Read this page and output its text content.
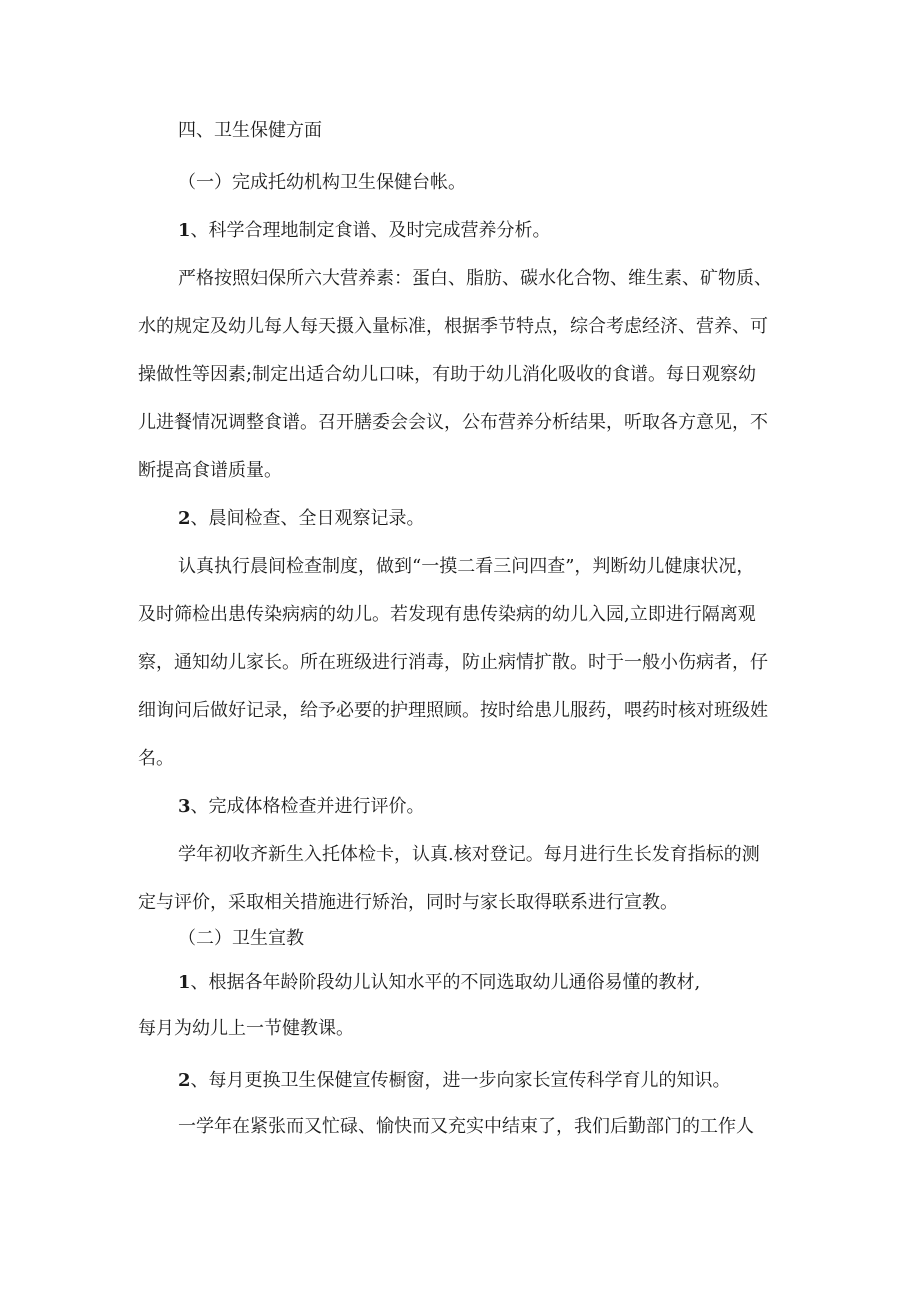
四、卫生保健方面
（一）完成托幼机构卫生保健台帐。
1、科学合理地制定食谱、及时完成营养分析。
严格按照妇保所六大营养素：蛋白、脂肪、碳水化合物、维生素、矿物质、
水的规定及幼儿每人每天摄入量标准，根据季节特点，综合考虑经济、营养、可
操做性等因素;制定出适合幼儿口味，有助于幼儿消化吸收的食谱。每日观察幼
儿进餐情况调整食谱。召开膳委会会议，公布营养分析结果，听取各方意见，不
断提高食谱质量。
2、晨间检查、全日观察记录。
认真执行晨间检查制度，做到“一摸二看三问四查”，判断幼儿健康状况，
及时筛检出患传染病病的幼儿。若发现有患传染病的幼儿入园,立即进行隔离观
察，通知幼儿家长。所在班级进行消毒，防止病情扩散。时于一般小伤病者，仔
细询问后做好记录，给予必要的护理照顾。按时给患儿服药，喂药时核对班级姓
名。
3、完成体格检查并进行评价。
学年初收齐新生入托体检卡，认真.核对登记。每月进行生长发育指标的测
定与评价，采取相关措施进行矫治，同时与家长取得联系进行宣教。
（二）卫生宣教
1、根据各年龄阶段幼儿认知水平的不同选取幼儿通俗易懂的教材,
每月为幼儿上一节健教课。
2、每月更换卫生保健宣传橱窗，进一步向家长宣传科学育儿的知识。
一学年在紧张而又忙碌、愉快而又充实中结束了，我们后勤部门的工作人
